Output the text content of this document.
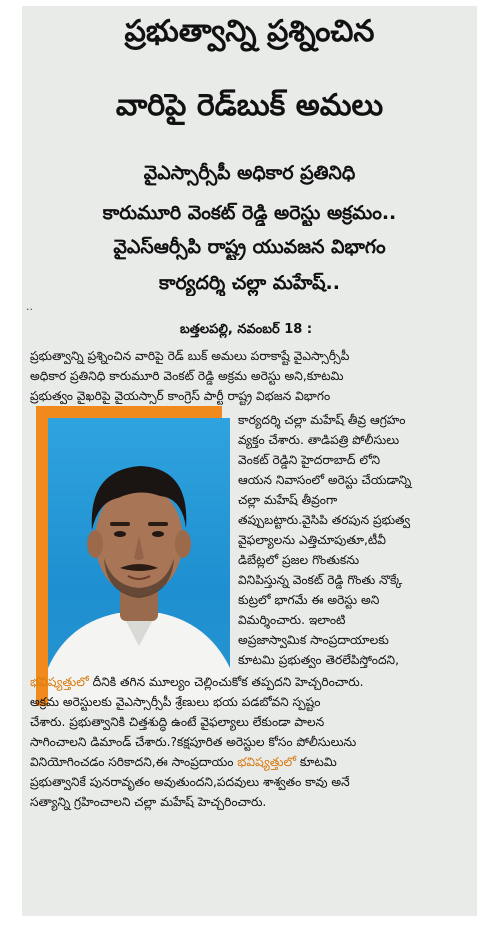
ప్రభుత్వాన్ని ప్రశ్నించిన
వారిపై రెడ్‌బుక్ అమలు
వైఎస్సార్సీపీ అధికార ప్రతినిధి
కారుమూరి వెంకట్ రెడ్డి అరెస్టు అక్రమం..
వైఎస్‌ఆర్సీపి రాష్ట్ర యువజన విభాగం
కార్యదర్శి చల్లా మహేష్..

..

బత్తలపల్లి, నవంబర్ 18 :

ప్రభుత్వాన్ని ప్రశ్నించిన వారిపై రెడ్ బుక్ అమలు పరాకాష్టే వైఎస్సార్సీపీ

అధికార ప్రతినిధి కారుమూరి వెంకట్ రెడ్డి అక్రమ అరెస్టు అని,కూటమి

ప్రభుత్వం వైఖరిపై వైయస్సార్ కాంగ్రెస్ పార్టీ రాష్ట్ర విభజన విభాగం

కార్యదర్శి చల్లా మహేష్ తీవ్ర ఆగ్రహం

వ్యక్తం చేశారు. తాడిపత్రి పోలీసులు

వెంకట్ రెడ్డిని హైదరాబాద్ లోని

ఆయన నివాసంలో అరెస్టు చేయడాన్ని

చల్లా మహేష్ తీవ్రంగా

తప్పుబట్టారు.వైసిపి తరపున ప్రభుత్వ

వైఫల్యాలను ఎత్తిచూపుతూ,టీవీ

డిబేట్లలో ప్రజల గొంతుకను

వినిపిస్తున్న వెంకట్ రెడ్డి గొంతు నొక్కే

కుట్రలో భాగమే ఈ అరెస్టు అని

విమర్శించారు. ఇలాంటి

అప్రజాస్వామిక సాంప్రదాయాలకు

కూటమి ప్రభుత్వం తెరలేపిస్తోందని,

భవిష్యత్తులో దీనికి తగిన మూల్యం చెల్లించుకోక తప్పదని హెచ్చరించారు.

అక్రమ అరెస్టులకు వైఎస్సార్సీపీ శ్రేణులు భయ పడబోవని స్పష్టం

చేశారు. ప్రభుత్వానికి చిత్తశుద్ధి ఉంటే వైఫల్యాలు లేకుండా పాలన

సాగించాలని డిమాండ్ చేశారు.?కక్షపూరిత అరెస్టుల కోసం పోలీసులును

వినియోగించడం సరికాదని,ఈ సాంప్రదాయం భవిష్యత్తులో కూటమి

ప్రభుత్వానికే పునరావృతం అవుతుందని,పదవులు శాశ్వతం కావు అనే

సత్యాన్ని గ్రహించాలని చల్లా మహేష్ హెచ్చరించారు.
